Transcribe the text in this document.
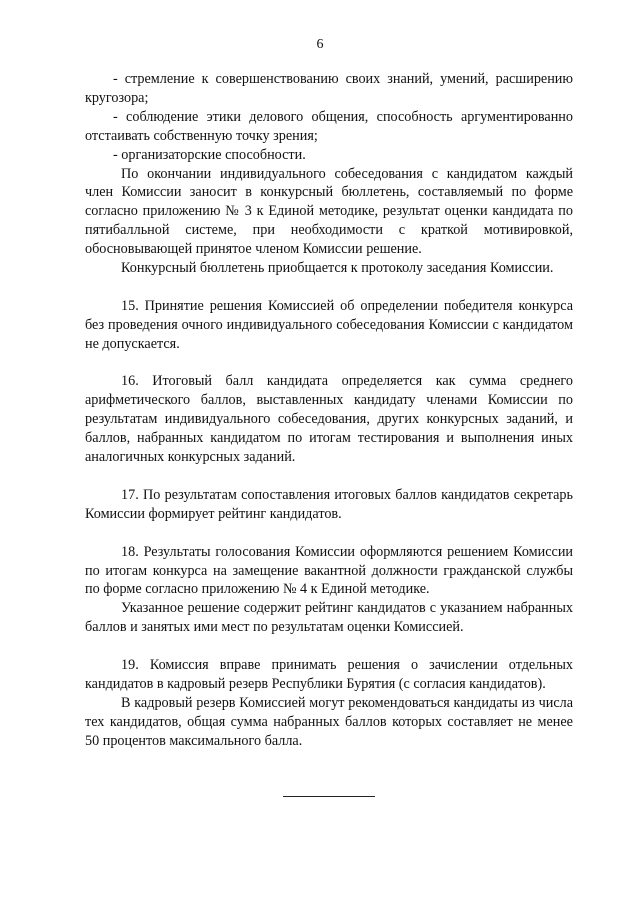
6

- стремление к совершенствованию своих знаний, умений, расширению кругозора;

- соблюдение этики делового общения, способность аргументированно отстаивать собственную точку зрения;

- организаторские способности.

По окончании индивидуального собеседования с кандидатом каждый член Комиссии заносит в конкурсный бюллетень, составляемый по форме согласно приложению № 3 к Единой методике, результат оценки кандидата по пятибалльной системе, при необходимости с краткой мотивировкой, обосновывающей принятое членом Комиссии решение.

Конкурсный бюллетень приобщается к протоколу заседания Комиссии.

15. Принятие решения Комиссией об определении победителя конкурса без проведения очного индивидуального собеседования Комиссии с кандидатом не допускается.

16. Итоговый балл кандидата определяется как сумма среднего арифметического баллов, выставленных кандидату членами Комиссии по результатам индивидуального собеседования, других конкурсных заданий, и баллов, набранных кандидатом по итогам тестирования и выполнения иных аналогичных конкурсных заданий.

17. По результатам сопоставления итоговых баллов кандидатов секретарь Комиссии формирует рейтинг кандидатов.

18. Результаты голосования Комиссии оформляются решением Комиссии по итогам конкурса на замещение вакантной должности гражданской службы по форме согласно приложению № 4 к Единой методике.

Указанное решение содержит рейтинг кандидатов с указанием набранных баллов и занятых ими мест по результатам оценки Комиссией.

19. Комиссия вправе принимать решения о зачислении отдельных кандидатов в кадровый резерв Республики Бурятия (с согласия кандидатов).

В кадровый резерв Комиссией могут рекомендоваться кандидаты из числа тех кандидатов, общая сумма набранных баллов которых составляет не менее 50 процентов максимального балла.
